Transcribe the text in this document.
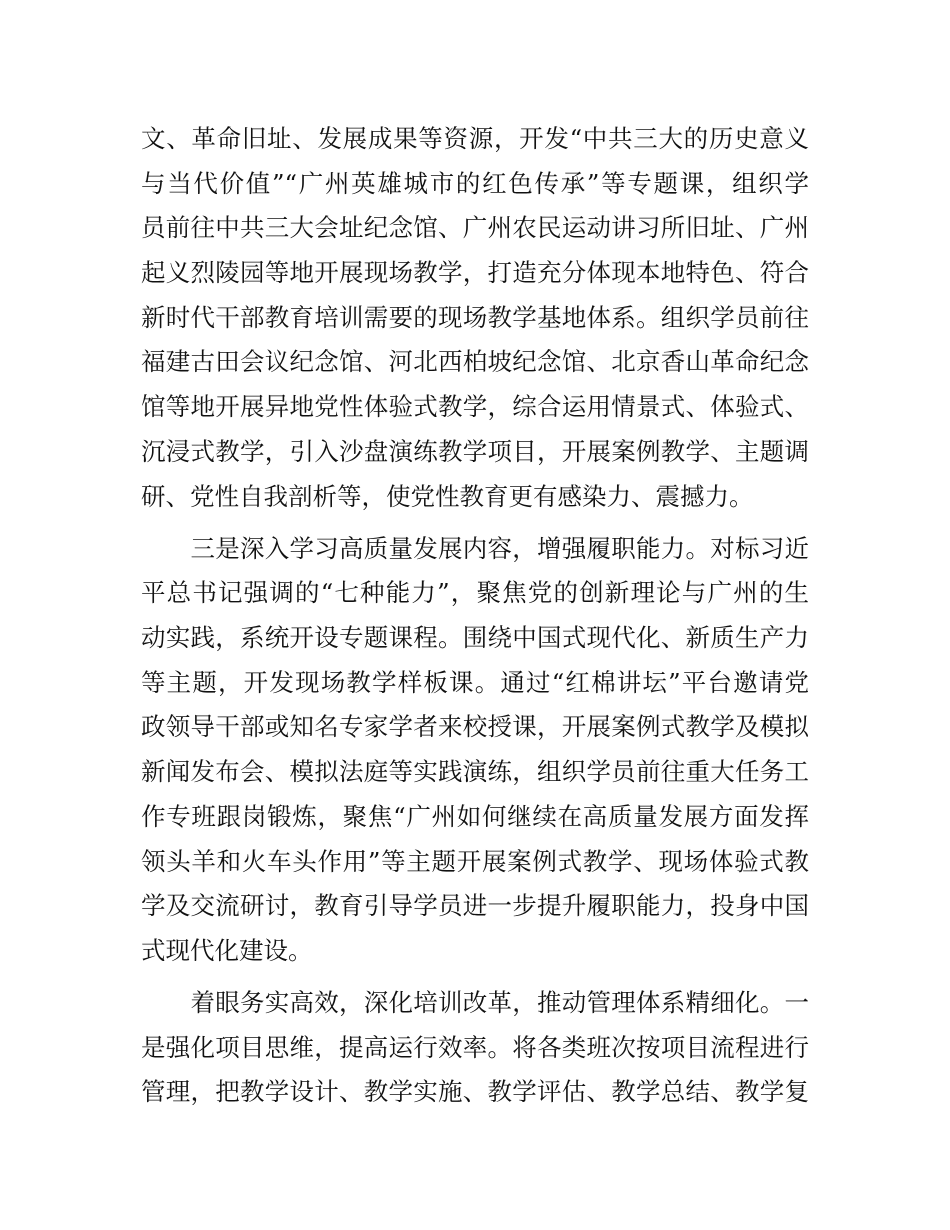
文、革命旧址、发展成果等资源，开发“中共三大的历史意义
与当代价值”“广州英雄城市的红色传承”等专题课，组织学
员前往中共三大会址纪念馆、广州农民运动讲习所旧址、广州
起义烈陵园等地开展现场教学，打造充分体现本地特色、符合
新时代干部教育培训需要的现场教学基地体系。组织学员前往
福建古田会议纪念馆、河北西柏坡纪念馆、北京香山革命纪念
馆等地开展异地党性体验式教学，综合运用情景式、体验式、
沉浸式教学，引入沙盘演练教学项目，开展案例教学、主题调
研、党性自我剖析等，使党性教育更有感染力、震撼力。
　　三是深入学习高质量发展内容，增强履职能力。对标习近
平总书记强调的“七种能力”，聚焦党的创新理论与广州的生
动实践，系统开设专题课程。围绕中国式现代化、新质生产力
等主题，开发现场教学样板课。通过“红棉讲坛”平台邀请党
政领导干部或知名专家学者来校授课，开展案例式教学及模拟
新闻发布会、模拟法庭等实践演练，组织学员前往重大任务工
作专班跟岗锻炼，聚焦“广州如何继续在高质量发展方面发挥
领头羊和火车头作用”等主题开展案例式教学、现场体验式教
学及交流研讨，教育引导学员进一步提升履职能力，投身中国
式现代化建设。
　　着眼务实高效，深化培训改革，推动管理体系精细化。一
是强化项目思维，提高运行效率。将各类班次按项目流程进行
管理，把教学设计、教学实施、教学评估、教学总结、教学复
